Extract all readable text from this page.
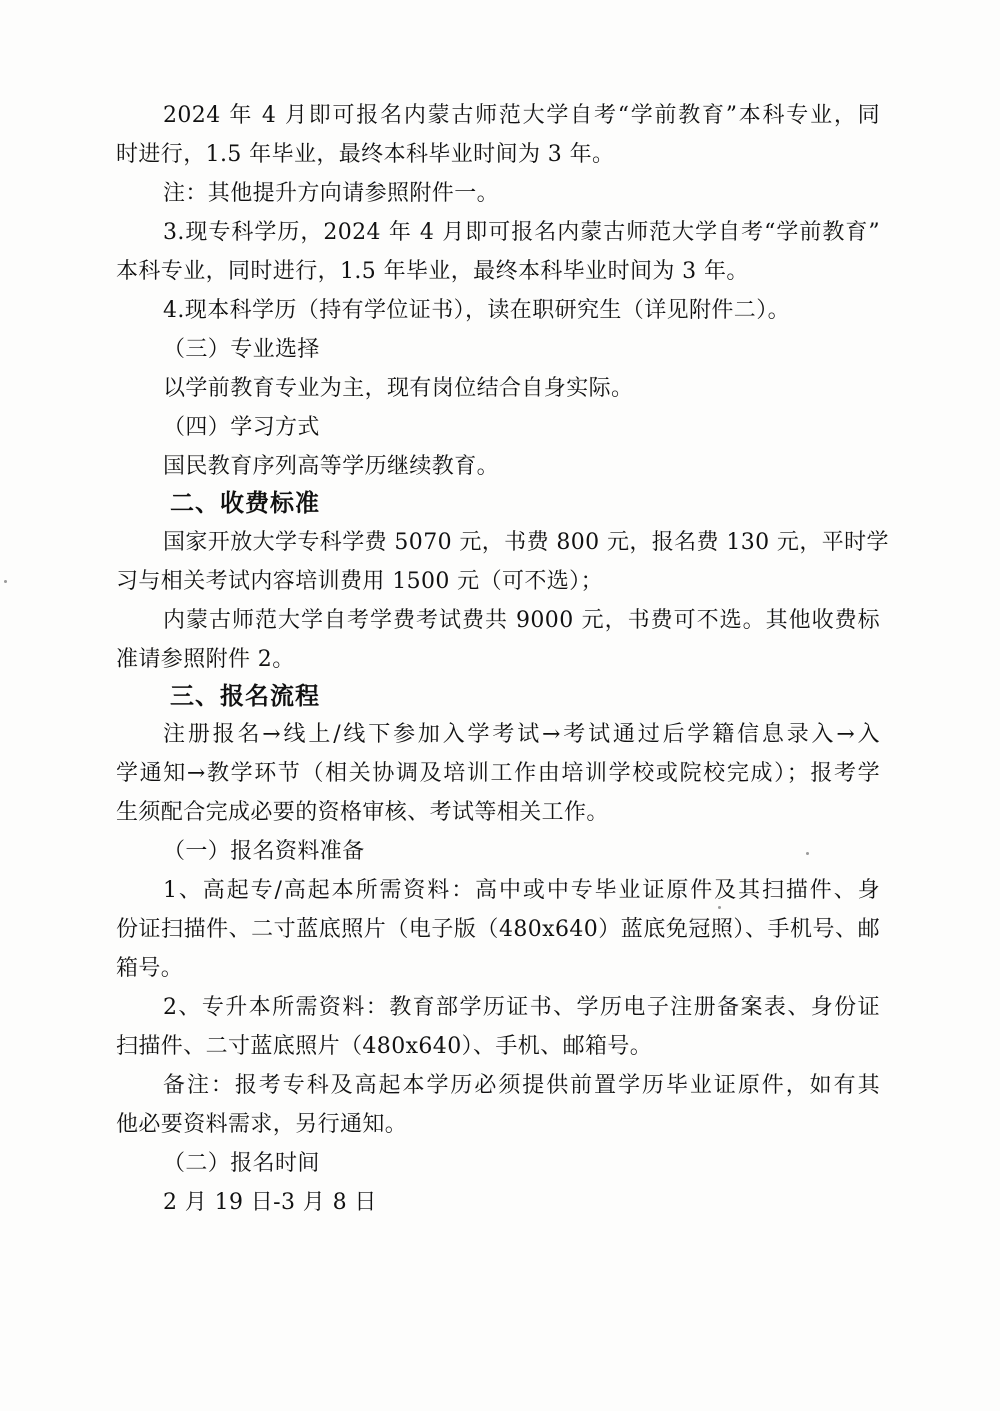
2024 年 4 月即可报名内蒙古师范大学自考“学前教育”本科专业，同
时进行，1.5 年毕业，最终本科毕业时间为 3 年。
注：其他提升方向请参照附件一。
3.现专科学历，2024 年 4 月即可报名内蒙古师范大学自考“学前教育”
本科专业，同时进行，1.5 年毕业，最终本科毕业时间为 3 年。
4.现本科学历（持有学位证书），读在职研究生（详见附件二）。
（三）专业选择
以学前教育专业为主，现有岗位结合自身实际。
（四）学习方式
国民教育序列高等学历继续教育。
二、收费标准
国家开放大学专科学费 5070 元，书费 800 元，报名费 130 元，平时学
习与相关考试内容培训费用 1500 元（可不选）；
内蒙古师范大学自考学费考试费共 9000 元，书费可不选。其他收费标
准请参照附件 2。
三、报名流程
注册报名→线上/线下参加入学考试→考试通过后学籍信息录入→入
学通知→教学环节（相关协调及培训工作由培训学校或院校完成）；报考学
生须配合完成必要的资格审核、考试等相关工作。
（一）报名资料准备
1、高起专/高起本所需资料：高中或中专毕业证原件及其扫描件、身
份证扫描件、二寸蓝底照片（电子版（480x640）蓝底免冠照）、手机号、邮
箱号。
2、专升本所需资料：教育部学历证书、学历电子注册备案表、身份证
扫描件、二寸蓝底照片（480x640）、手机、邮箱号。
备注：报考专科及高起本学历必须提供前置学历毕业证原件，如有其
他必要资料需求，另行通知。
（二）报名时间
2 月 19 日-3 月 8 日
